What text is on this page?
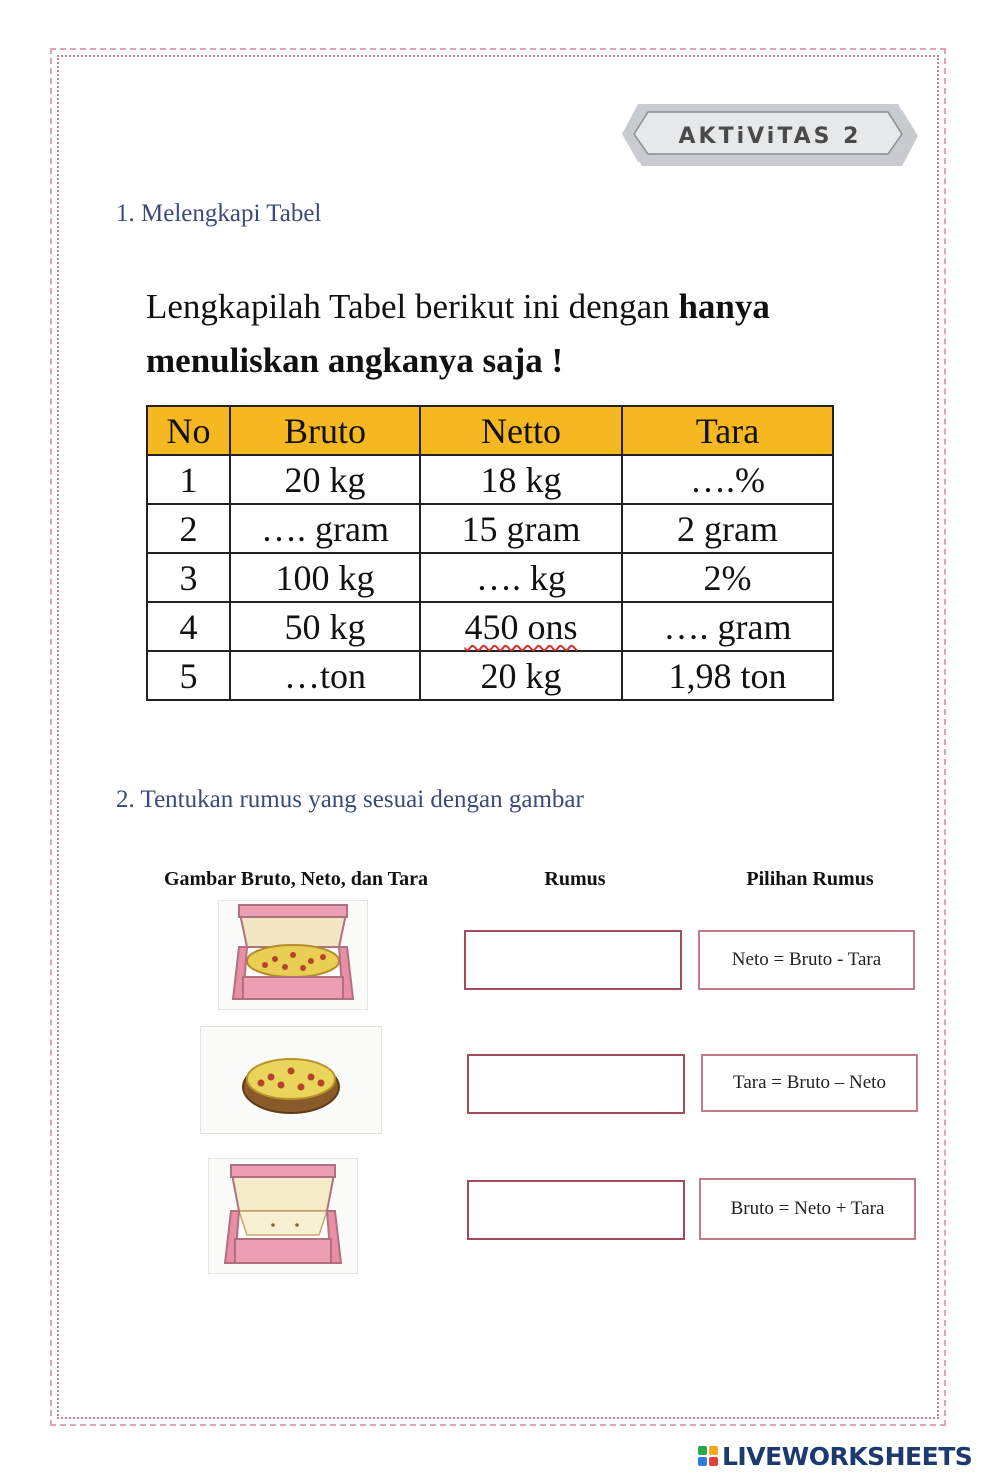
AKTiViTAS 2
1. Melengkapi Tabel
Lengkapilah Tabel berikut ini dengan hanya
menuliskan angkanya saja !
No	Bruto	Netto	Tara
1	20 kg	18 kg	….%
2	…. gram	15 gram	2 gram
3	100 kg	…. kg	2%
4	50 kg	450 ons	…. gram
5	…ton	20 kg	1,98 ton
2. Tentukan rumus yang sesuai dengan gambar
Gambar Bruto, Neto, dan Tara	Rumus	Pilihan Rumus
Neto = Bruto - Tara
Tara = Bruto – Neto
Bruto = Neto + Tara
LIVEWORKSHEETS
